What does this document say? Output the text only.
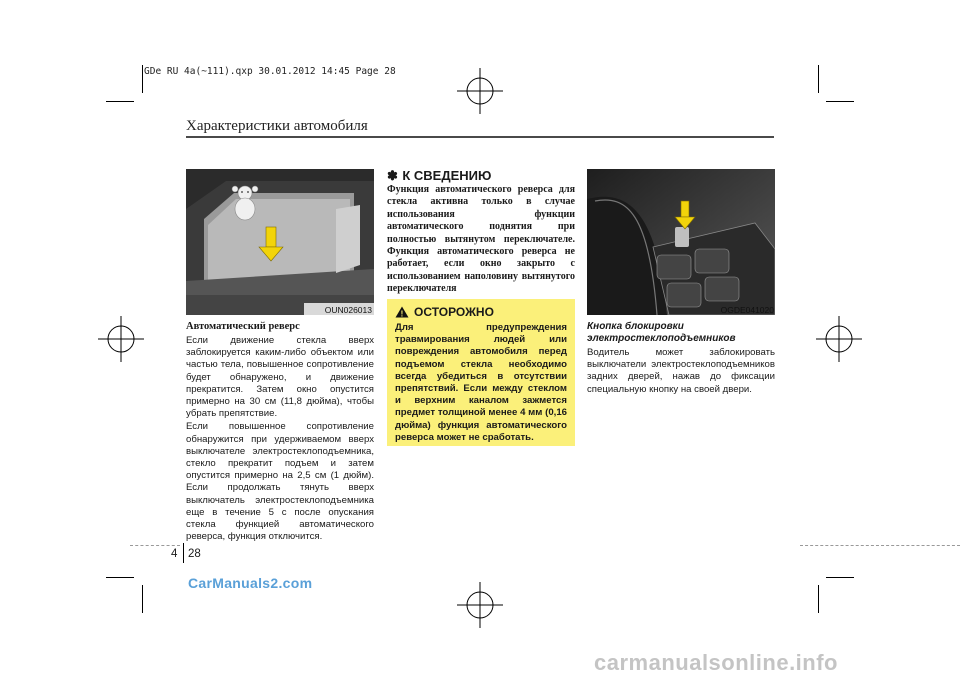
GDe RU 4a(~111).qxp 30.01.2012 14:45 Page 28
Характеристики автомобиля
OUN026013
Автоматический реверс

Если движение стекла вверх заблокируется каким-либо объектом или частью тела, повышенное сопротивление будет обнаружено, и движение прекратится. Затем окно опустится примерно на 30 см (11,8 дюйма), чтобы убрать препятствие.

Если повышенное сопротивление обнаружится при удерживаемом вверх выключателе электростеклоподъемника, стекло прекратит подъем и затем опустится примерно на 2,5 см (1 дюйм). Если продолжать тянуть вверх выключатель электростеклоподъемника еще в течение 5 с после опускания стекла функцией автоматического реверса, функция отключится.

✽ К СВЕДЕНИЮ

Функция автоматического реверса для стекла активна только в случае использования функции автоматического поднятия при полностью вытянутом переключателе. Функция автоматического реверса не работает, если окно закрыто с использованием наполовину вытянутого переключателя

! ОСТОРОЖНО

Для предупреждения травмирования людей или повреждения автомобиля перед подъемом стекла необходимо всегда убедиться в отсутствии препятствий. Если между стеклом и верхним каналом зажмется предмет толщиной менее 4 мм (0,16 дюйма) функция автоматического реверса может не сработать.

OGDE041020
Кнопка блокировки электростеклоподъемников

Водитель может заблокировать выключатели электростеклоподъемников задних дверей, нажав до фиксации специальную кнопку на своей двери.

4 28
CarManuals2.com
carmanualsonline.info
